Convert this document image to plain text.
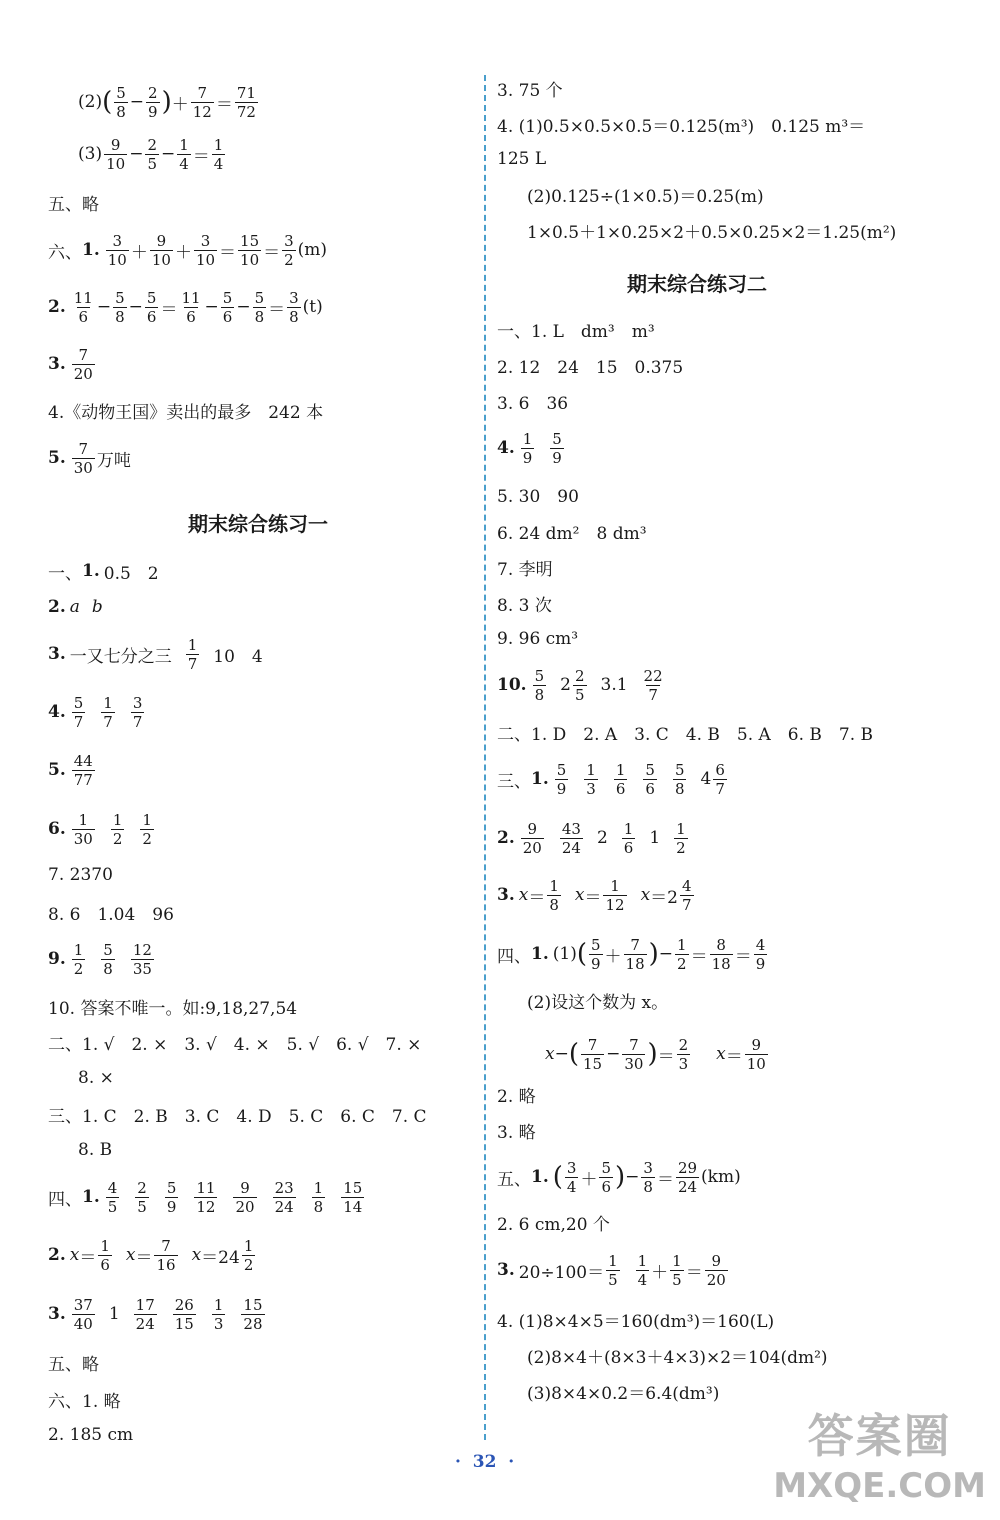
(2) ( $\frac{5}{8} - \frac{2}{9}$ ) ＋ $\frac{7}{12} = \frac{71}{72}$
$(3) \frac{9}{10} - \frac{2}{5} - \frac{1}{4} = \frac{1}{4}$
五、略
六、 1. $\frac{3}{10} + \frac{9}{10} + \frac{3}{10} = \frac{15}{10} = \frac{3}{2} (m)$
2. $\frac{11}{6} - \frac{5}{8} - \frac{5}{6} = \frac{11}{6} - \frac{5}{6} - \frac{5}{8} = \frac{3}{8} (t)$
3. $\frac{7}{20}$
4.《动物王国》卖出的最多　242 本
5. $\frac{7}{30}$ 万吨
期末综合练习一
一、 1. 0.5　2
2. a b
3. 一又七分之三 $\frac{1}{7} 10$　4
4. $\frac{5}{7} \frac{1}{7} \frac{3}{7}$
5. $\frac{44}{77}$
6. $\frac{1}{30} \frac{1}{2} \frac{1}{2}$
7. 2370
8. 6　1.04　96
9. $\frac{1}{2} \frac{5}{8} \frac{12}{35}$
10. 答案不唯一。如:9,18,27,54
二、1. √　2. ×　3. √　4. ×　5. √　6. √　7. ×
8. ×
三、1. C　2. B　3. C　4. D　5. C　6. C　7. C
8. B
四、 1. $\frac{4}{5} \frac{2}{5} \frac{5}{9} \frac{11}{12} \frac{9}{20} \frac{23}{24} \frac{1}{8} \frac{15}{14}$
2. $x = \frac{1}{6}$ $x = \frac{7}{16}$ $x =24 \frac{1}{2}$
3. $\frac{37}{40} 1 \frac{17}{24} \frac{26}{15} \frac{1}{3} \frac{15}{28}$
五、略
六、1. 略
2. 185 cm
3. 75 个
4. (1)0.5×0.5×0.5＝0.125(m³)　0.125 m³＝
125 L
(2)0.125÷(1×0.5)＝0.25(m)
1×0.5＋1×0.25×2＋0.5×0.25×2＝1.25(m²)
期末综合练习二
一、1. L　dm³　m³
2. 12　24　15　0.375
3. 6　36
4. $\frac{1}{9} \frac{5}{9}$
5. 30　90
6. 24 dm²　8 dm³
7. 李明
8. 3 次
9. 96 cm³
10. $\frac{5}{8} 2 \frac{2}{5} 3.1 \frac{22}{7}$
二、1. D　2. A　3. C　4. B　5. A　6. B　7. B
三、 1. $\frac{5}{9} \frac{1}{3} \frac{1}{6} \frac{5}{6} \frac{5}{8} 4 \frac{6}{7}$
2. $\frac{9}{20} \frac{43}{24} 2 \frac{1}{6} 1 \frac{1}{2}$
3. $x = \frac{1}{8}$ $x = \frac{1}{12}$ $x =2 \frac{4}{7}$
四、 1. (1) ( $\frac{5}{9} + \frac{7}{18}$ ) − $\frac{1}{2} = \frac{8}{18} = \frac{4}{9}$
(2)设这个数为 x。
x − ( $\frac{7}{15} - \frac{7}{30}$ ) ＝ $\frac{2}{3}$ $x = \frac{9}{10}$
2. 略
3. 略
五、 1. ( $\frac{3}{4} + \frac{5}{6}$ ) − $\frac{3}{8} = \frac{29}{24} (km)$
2. 6 cm,20 个
3. $20\div 100= \frac{1}{5} \frac{1}{4} + \frac{1}{5} = \frac{9}{20}$
4. (1)8×4×5＝160(dm³)＝160(L)
(2)8×4＋(8×3＋4×3)×2＝104(dm²)
(3)8×4×0.2＝6.4(dm³)
·  32  ·	答案圈
MXQE.COM
